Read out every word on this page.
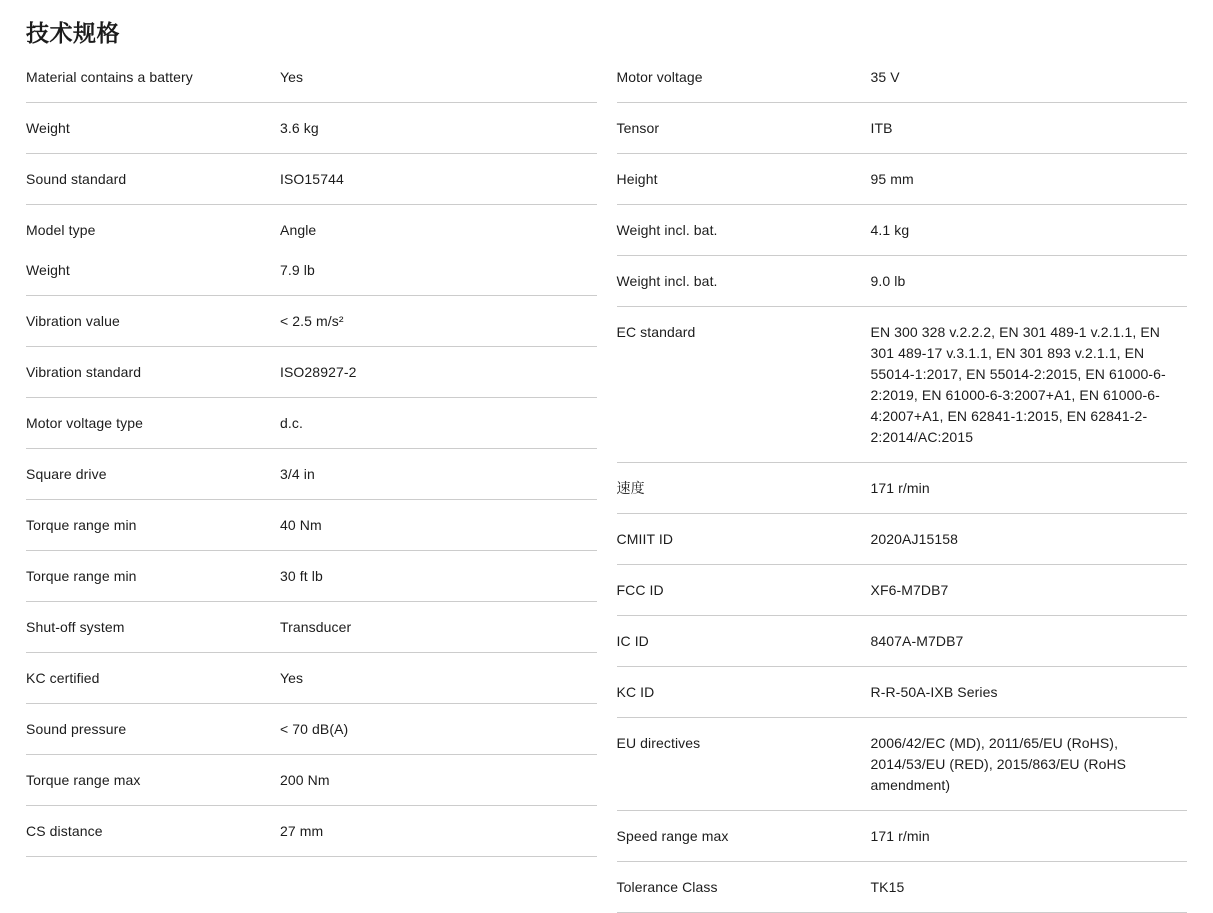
技术规格
Material contains a battery	Yes
Weight	3.6 kg
Sound standard	ISO15744
Model type	Angle
Weight	7.9 lb
Vibration value	< 2.5 m/s²
Vibration standard	ISO28927-2
Motor voltage type	d.c.
Square drive	3/4 in
Torque range min	40 Nm
Torque range min	30 ft lb
Shut-off system	Transducer
KC certified	Yes
Sound pressure	< 70 dB(A)
Torque range max	200 Nm
CS distance	27 mm
Motor voltage	35 V
Tensor	ITB
Height	95 mm
Weight incl. bat.	4.1 kg
Weight incl. bat.	9.0 lb
EC standard	EN 300 328 v.2.2.2, EN 301 489-1 v.2.1.1, EN 301 489-17 v.3.1.1, EN 301 893 v.2.1.1, EN 55014-1:2017, EN 55014-2:2015, EN 61000-6-2:2019, EN 61000-6-3:2007+A1, EN 61000-6-4:2007+A1, EN 62841-1:2015, EN 62841-2-2:2014/AC:2015
速度	171 r/min
CMIIT ID	2020AJ15158
FCC ID	XF6-M7DB7
IC ID	8407A-M7DB7
KC ID	R-R-50A-IXB Series
EU directives	2006/42/EC (MD), 2011/65/EU (RoHS), 2014/53/EU (RED), 2015/863/EU (RoHS amendment)
Speed range max	171 r/min
Tolerance Class	TK15
